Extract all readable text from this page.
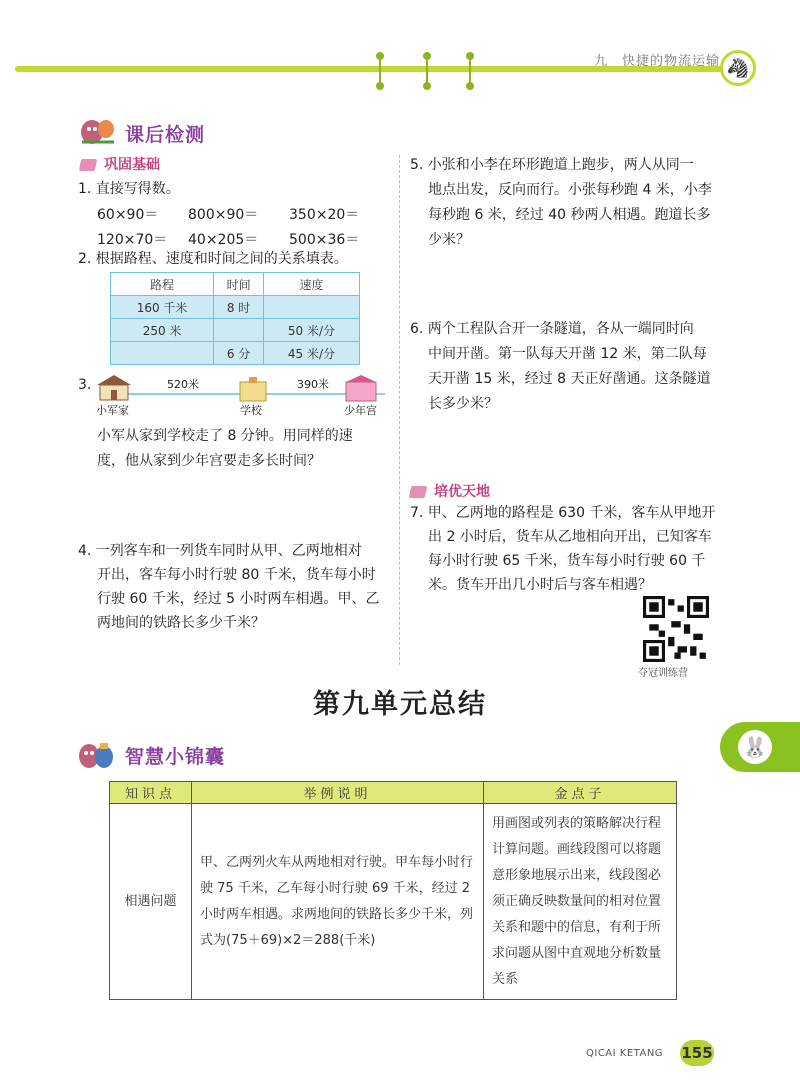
九　快捷的物流运输 🦓
课后检测
巩固基础
1. 直接写得数。
60×90＝ 800×90＝ 350×20＝
120×70＝ 40×205＝ 500×36＝
2. 根据路程、速度和时间之间的关系填表。
路程	时间	速度
160 千米	8 时	
250 米		50 米/分
	6 分	45 米/分
3.	520米	390米
小军家	学校	少年宫
小军从家到学校走了 8 分钟。用同样的速
度，他从家到少年宫要走多长时间？
4. 一列客车和一列货车同时从甲、乙两地相对
开出，客车每小时行驶 80 千米，货车每小时
行驶 60 千米，经过 5 小时两车相遇。甲、乙
两地间的铁路长多少千米？
5. 小张和小李在环形跑道上跑步，两人从同一
地点出发，反向而行。小张每秒跑 4 米，小李
每秒跑 6 米，经过 40 秒两人相遇。跑道长多
少米？
6. 两个工程队合开一条隧道，各从一端同时向
中间开凿。第一队每天开凿 12 米，第二队每
天开凿 15 米，经过 8 天正好凿通。这条隧道
长多少米？
培优天地
7. 甲、乙两地的路程是 630 千米，客车从甲地开
出 2 小时后，货车从乙地相向开出，已知客车
每小时行驶 65 千米，货车每小时行驶 60 千
米。货车开出几小时后与客车相遇？
夺冠训练营
第九单元总结
智慧小锦囊
知识点	举例说明	金点子
相遇问题	甲、乙两列火车从两地相对行驶。甲车每小时行驶 75 千米，乙车每小时行驶 69 千米，经过 2 小时两车相遇。求两地间的铁路长多少千米，列式为(75＋69)×2＝288(千米)	用画图或列表的策略解决行程计算问题。画线段图可以将题意形象地展示出来，线段图必须正确反映数量间的相对位置关系和题中的信息，有利于所求问题从图中直观地分析数量关系
🐰
QICAI KETANG 155
